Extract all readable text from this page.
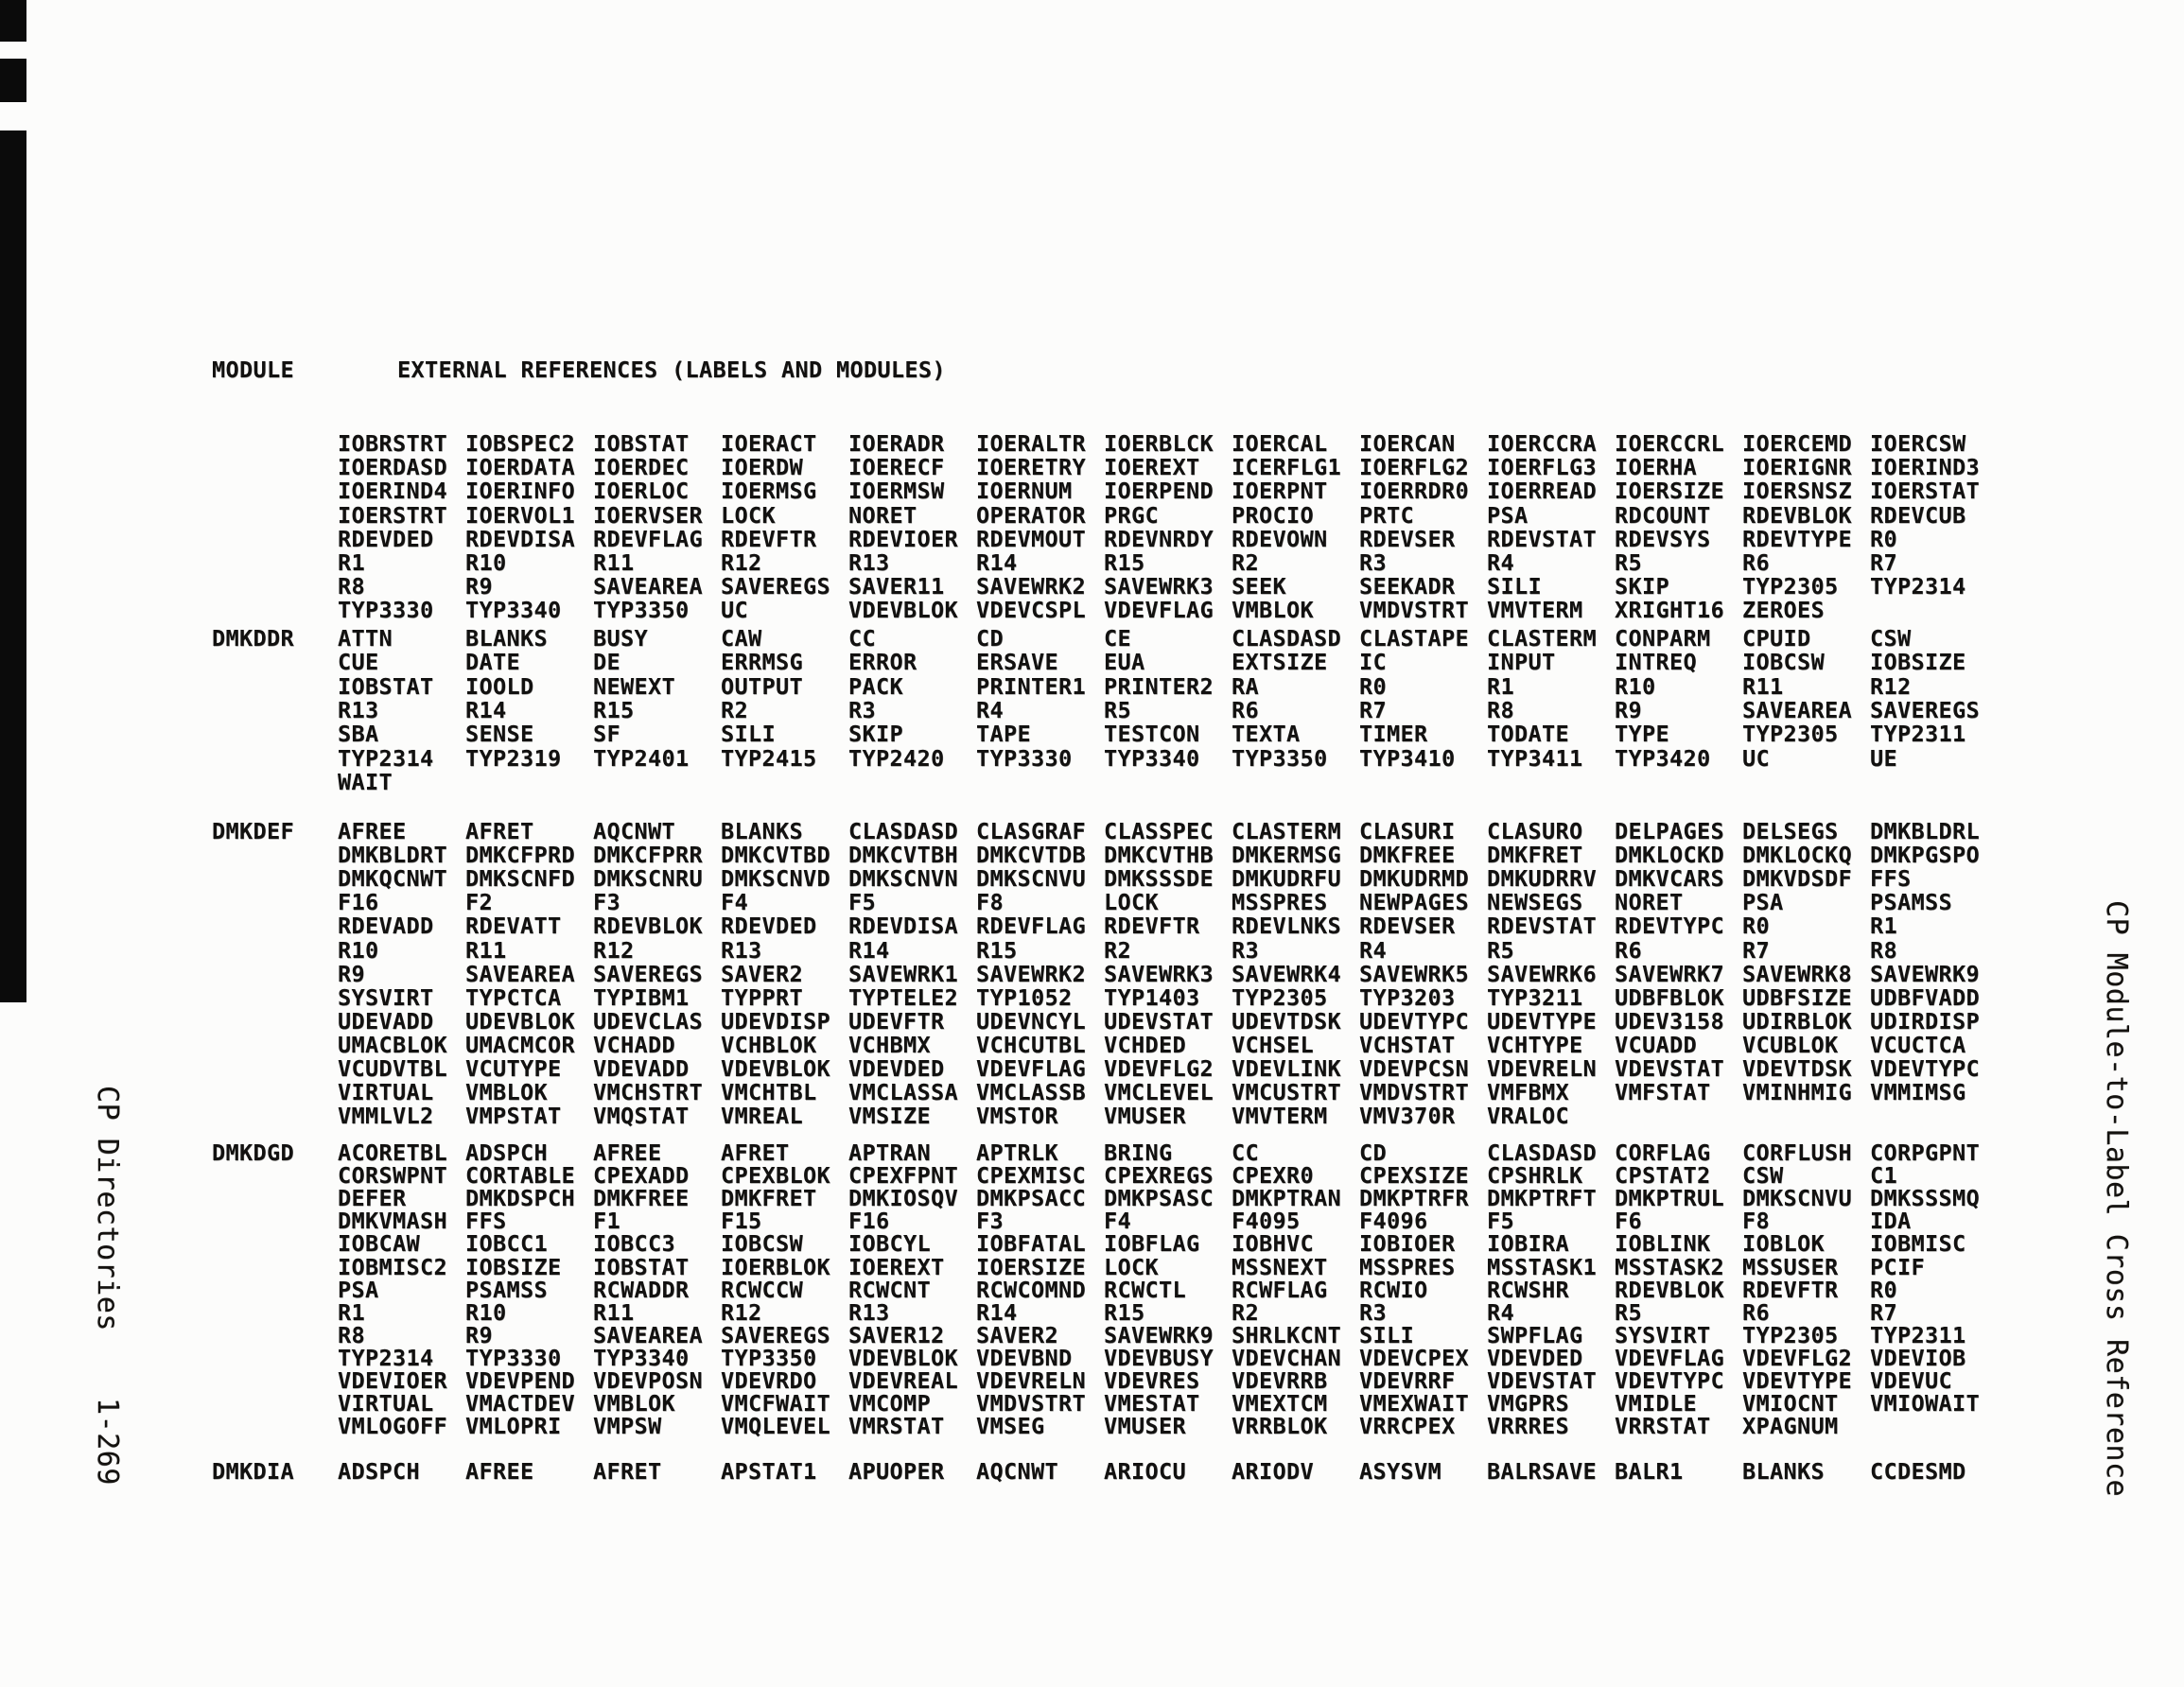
MODULE

	EXTERNAL REFERENCES (LABELS AND MODULES)

IOBRSTRT IOBSPEC2 IOBSTAT	IOERACT	IOERADR	IOERALTR IOERBLCK IOERCAL	IOERCAN	IOERCCRA IOERCCRL IOERCEMD IOERCSW
IOERDASD IOERDATA IOERDEC	IOERDW	IOERECF	IOERETRY IOEREXT	ICERFLG1 IOERFLG2 IOERFLG3 IOERHA	IOERIGNR IOERIND3
IOERIND4 IOERINFO IOERLOC	IOERMSG	IOERMSW	IOERNUM	IOERPEND IOERPNT	IOERRDR0 IOERREAD IOERSIZE IOERSNSZ IOERSTAT
IOERSTRT IOERVOL1 IOERVSER LOCK	NORET	OPERATOR PRGC	PROCIO	PRTC	PSA	RDCOUNT	RDEVBLOK RDEVCUB
RDEVDED	RDEVDISA RDEVFLAG RDEVFTR	RDEVIOER RDEVMOUT RDEVNRDY RDEVOWN	RDEVSER	RDEVSTAT RDEVSYS	RDEVTYPE R0
R1	R10	R11	R12	R13	R14	R15	R2	R3	R4	R5	R6	R7
R8	R9	SAVEAREA SAVEREGS SAVER11	SAVEWRK2 SAVEWRK3 SEEK	SEEKADR	SILI	SKIP	TYP2305	TYP2314
TYP3330	TYP3340	TYP3350	UC	VDEVBLOK VDEVCSPL VDEVFLAG VMBLOK	VMDVSTRT VMVTERM	XRIGHT16 ZEROES
DMKDDR ATTN	BLANKS	BUSY	CAW	CC	CD	CE	CLASDASD CLASTAPE CLASTERM CONPARM	CPUID	CSW
CUE	DATE	DE	ERRMSG	ERROR	ERSAVE	EUA	EXTSIZE	IC	INPUT	INTREQ	IOBCSW	IOBSIZE
IOBSTAT	IOOLD	NEWEXT	OUTPUT	PACK	PRINTER1 PRINTER2 RA	R0	R1	R10	R11	R12
R13	R14	R15	R2	R3	R4	R5	R6	R7	R8	R9	SAVEAREA SAVEREGS
SBA	SENSE	SF	SILI	SKIP	TAPE	TESTCON	TEXTA	TIMER	TODATE	TYPE	TYP2305	TYP2311
TYP2314	TYP2319	TYP2401	TYP2415	TYP2420	TYP3330	TYP3340	TYP3350	TYP3410	TYP3411	TYP3420	UC	UE
WAIT
DMKDEF AFREE	AFRET	AQCNWT	BLANKS	CLASDASD CLASGRAF CLASSPEC CLASTERM CLASURI	CLASURO	DELPAGES DELSEGS	DMKBLDRL
DMKBLDRT DMKCFPRD DMKCFPRR DMKCVTBD DMKCVTBH DMKCVTDB DMKCVTHB DMKERMSG DMKFREE	DMKFRET	DMKLOCKD DMKLOCKQ DMKPGSPO
DMKQCNWT DMKSCNFD DMKSCNRU DMKSCNVD DMKSCNVN DMKSCNVU DMKSSSDE DMKUDRFU DMKUDRMD DMKUDRRV DMKVCARS DMKVDSDF FFS
F16	F2	F3	F4	F5	F8	LOCK	MSSPRES	NEWPAGES NEWSEGS	NORET	PSA	PSAMSS
RDEVADD	RDEVATT	RDEVBLOK RDEVDED	RDEVDISA RDEVFLAG RDEVFTR	RDEVLNKS RDEVSER	RDEVSTAT RDEVTYPC R0	R1
R10	R11	R12	R13	R14	R15	R2	R3	R4	R5	R6	R7	R8
R9	SAVEAREA SAVEREGS SAVER2	SAVEWRK1 SAVEWRK2 SAVEWRK3 SAVEWRK4 SAVEWRK5 SAVEWRK6 SAVEWRK7 SAVEWRK8 SAVEWRK9
SYSVIRT	TYPCTCA	TYPIBM1	TYPPRT	TYPTELE2 TYP1052	TYP1403	TYP2305	TYP3203	TYP3211	UDBFBLOK UDBFSIZE UDBFVADD
UDEVADD	UDEVBLOK UDEVCLAS UDEVDISP UDEVFTR	UDEVNCYL UDEVSTAT UDEVTDSK UDEVTYPC UDEVTYPE UDEV3158 UDIRBLOK UDIRDISP
UMACBLOK UMACMCOR VCHADD	VCHBLOK	VCHBMX	VCHCUTBL VCHDED	VCHSEL	VCHSTAT	VCHTYPE	VCUADD	VCUBLOK	VCUCTCA
VCUDVTBL VCUTYPE	VDEVADD	VDEVBLOK VDEVDED	VDEVFLAG VDEVFLG2 VDEVLINK VDEVPCSN VDEVRELN VDEVSTAT VDEVTDSK VDEVTYPC
VIRTUAL	VMBLOK	VMCHSTRT VMCHTBL	VMCLASSA VMCLASSB VMCLEVEL VMCUSTRT VMDVSTRT VMFBMX	VMFSTAT	VMINHMIG VMMIMSG
VMMLVL2	VMPSTAT	VMQSTAT	VMREAL	VMSIZE	VMSTOR	VMUSER	VMVTERM	VMV370R	VRALOC
DMKDGD ACORETBL ADSPCH	AFREE	AFRET	APTRAN	APTRLK	BRING	CC	CD	CLASDASD CORFLAG	CORFLUSH CORPGPNT
CORSWPNT CORTABLE CPEXADD	CPEXBLOK CPEXFPNT CPEXMISC CPEXREGS CPEXR0	CPEXSIZE CPSHRLK	CPSTAT2	CSW	C1
DEFER	DMKDSPCH DMKFREE	DMKFRET	DMKIOSQV DMKPSACC DMKPSASC DMKPTRAN DMKPTRFR DMKPTRFT DMKPTRUL DMKSCNVU DMKSSSMQ
DMKVMASH FFS	F1	F15	F16	F3	F4	F4095	F4096	F5	F6	F8	IDA
IOBCAW	IOBCC1	IOBCC3	IOBCSW	IOBCYL	IOBFATAL IOBFLAG	IOBHVC	IOBIOER	IOBIRA	IOBLINK	IOBLOK	IOBMISC
IOBMISC2 IOBSIZE	IOBSTAT	IOERBLOK IOEREXT	IOERSIZE LOCK	MSSNEXT	MSSPRES	MSSTASK1 MSSTASK2 MSSUSER	PCIF
PSA	PSAMSS	RCWADDR	RCWCCW	RCWCNT	RCWCOMND RCWCTL	RCWFLAG	RCWIO	RCWSHR	RDEVBLOK RDEVFTR	R0
R1	R10	R11	R12	R13	R14	R15	R2	R3	R4	R5	R6	R7
R8	R9	SAVEAREA SAVEREGS SAVER12	SAVER2	SAVEWRK9 SHRLKCNT SILI	SWPFLAG	SYSVIRT	TYP2305	TYP2311
TYP2314	TYP3330	TYP3340	TYP3350	VDEVBLOK VDEVBND	VDEVBUSY VDEVCHAN VDEVCPEX VDEVDED	VDEVFLAG VDEVFLG2 VDEVIOB
VDEVIOER VDEVPEND VDEVPOSN VDEVRDO	VDEVREAL VDEVRELN VDEVRES	VDEVRRB	VDEVRRF	VDEVSTAT VDEVTYPC VDEVTYPE VDEVUC
VIRTUAL	VMACTDEV VMBLOK	VMCFWAIT VMCOMP	VMDVSTRT VMESTAT	VMEXTCM	VMEXWAIT VMGPRS	VMIDLE	VMIOCNT	VMIOWAIT
VMLOGOFF VMLOPRI	VMPSW	VMQLEVEL VMRSTAT	VMSEG	VMUSER	VRRBLOK	VRRCPEX	VRRRES	VRRSTAT	XPAGNUM
DMKDIA ADSPCH	AFREE	AFRET	APSTAT1	APUOPER	AQCNWT	ARIOCU	ARIODV	ASYSVM	BALRSAVE BALR1	BLANKS	CCDESMD
CP Directories
1-269	CP Module-to-Label Cross Reference
